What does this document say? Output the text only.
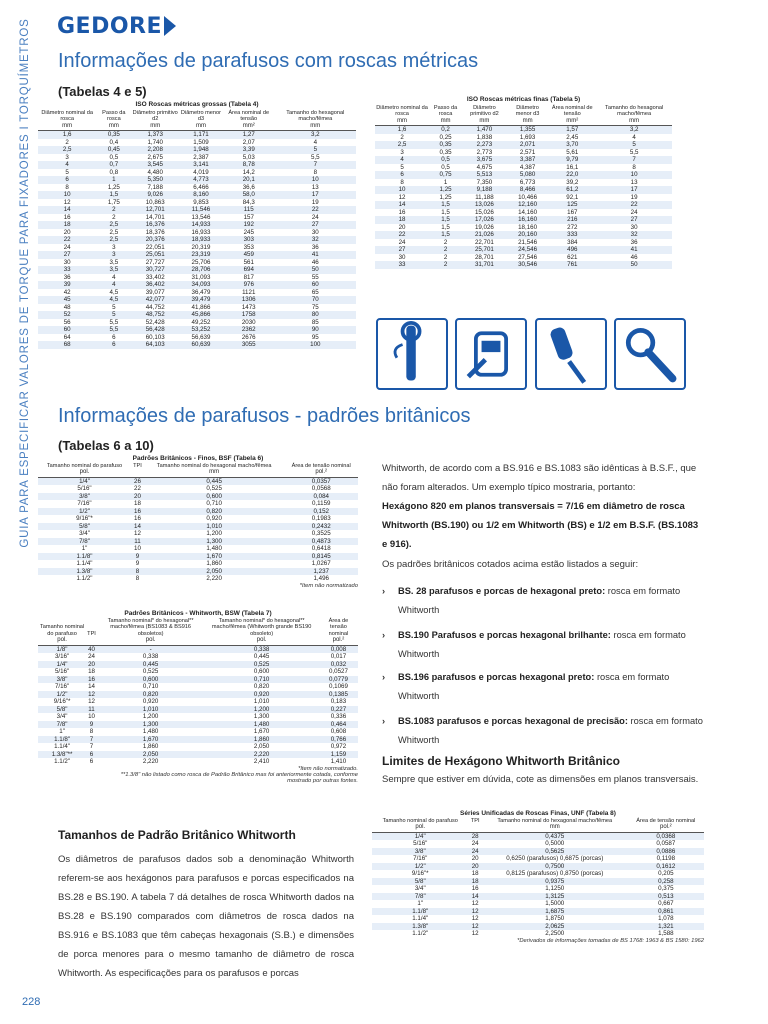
GEDORE
GUIA PARA ESPECIFICAR VALORES DE TORQUE PARA FIXADORES I TORQUÍMETROS Informações de parafusos com roscas métricas
(Tabelas 4 e 5)
ISO Roscas métricas grossas (Tabela 4)
Diâmetro nominal da rosca	Passo da rosca	Diâmetro primitivo d2	Diâmetro menor d3	Área nominal de tensão	Tamanho do hexagonal macho/fêmea
mm	mm	mm	mm	mm²	mm
1,6	0,35	1,373	1,171	1,27	3,2
2	0,4	1,740	1,509	2,07	4
2,5	0,45	2,208	1,948	3,39	5
3	0,5	2,675	2,387	5,03	5,5
4	0,7	3,545	3,141	8,78	7
5	0,8	4,480	4,019	14,2	8
6	1	5,350	4,773	20,1	10
8	1,25	7,188	6,466	36,6	13
10	1,5	9,026	8,160	58,0	17
12	1,75	10,863	9,853	84,3	19
14	2	12,701	11,546	115	22
16	2	14,701	13,546	157	24
18	2,5	16,376	14,933	192	27
20	2,5	18,376	16,933	245	30
22	2,5	20,376	18,933	303	32
24	3	22,051	20,319	353	36
27	3	25,051	23,319	459	41
30	3,5	27,727	25,706	561	46
33	3,5	30,727	28,706	694	50
36	4	33,402	31,093	817	55
39	4	36,402	34,093	976	60
42	4,5	39,077	36,479	1121	65
45	4,5	42,077	39,479	1306	70
48	5	44,752	41,866	1473	75
52	5	48,752	45,866	1758	80
56	5,5	52,428	49,252	2030	85
60	5,5	56,428	53,252	2362	90
64	6	60,103	56,639	2676	95
68	6	64,103	60,639	3055	100
ISO Roscas métricas finas (Tabela 5)
Diâmetro nominal da rosca	Passo da rosca	Diâmetro primitivo d2	Diâmetro menor d3	Área nominal de tensão	Tamanho do hexagonal macho/fêmea
mm	mm	mm	mm	mm²	mm
1,6	0,2	1,470	1,355	1,57	3,2
2	0,25	1,838	1,693	2,45	4
2,5	0,35	2,273	2,071	3,70	5
3	0,35	2,773	2,571	5,61	5,5
4	0,5	3,675	3,387	9,79	7
5	0,5	4,675	4,387	16,1	8
6	0,75	5,513	5,080	22,0	10
8	1	7,350	6,773	39,2	13
10	1,25	9,188	8,466	61,2	17
12	1,25	11,188	10,466	92,1	19
14	1,5	13,026	12,160	125	22
16	1,5	15,026	14,160	167	24
18	1,5	17,026	16,160	216	27
20	1,5	19,026	18,160	272	30
22	1,5	21,026	20,160	333	32
24	2	22,701	21,546	384	36
27	2	25,701	24,546	496	41
30	2	28,701	27,546	621	46
33	2	31,701	30,546	761	50
Informações de parafusos - padrões britânicos
(Tabelas 6 a 10)
Padrões Britânicos - Finos, BSF (Tabela 6)
Tamanho nominal do parafuso	TPI	Tamanho nominal do hexagonal macho/fêmea	Área de tensão nominal
pol.		mm	pol.²
1/4"	26	0,445	0,0357
5/16"	22	0,525	0,0568
3/8"	20	0,600	0,084
7/16"	18	0,710	0,1159
1/2"	16	0,820	0,152
9/16"*	16	0,920	0,1983
5/8"	14	1,010	0,2432
3/4"	12	1,200	0,3525
7/8"	11	1,300	0,4873
1"	10	1,480	0,6418
1.1/8"	9	1,670	0,8145
1.1/4"	9	1,860	1,0267
1.3/8"	8	2,050	1,237
1.1/2"	8	2,220	1,496
*Item não normatizado
Padrões Britânicos - Whitworth, BSW (Tabela 7)
Tamanho nominal do parafuso	TPI	Tamanho nominal* do hexagonal** macho/fêmea (BS1083 & BS916 obsoletos)	Tamanho nominal* do hexagonal** macho/fêmea (Whitworth grande BS190 obsoleto)	Área de tensão nominal
pol.		pol.	pol.	pol.²
1/8"	40	-	0,338	0,008
3/16"	24	0,338	0,445	0,017
1/4"	20	0,445	0,525	0,032
5/16"	18	0,525	0,600	0,0527
3/8"	16	0,600	0,710	0,0779
7/16"	14	0,710	0,820	0,1069
1/2"	12	0,820	0,920	0,1385
9/16"*	12	0,920	1,010	0,183
5/8"	11	1,010	1,200	0,227
3/4"	10	1,200	1,300	0,336
7/8"	9	1,300	1,480	0,464
1"	8	1,480	1,670	0,608
1.1/8"	7	1,670	1,860	0,766
1.1/4"	7	1,860	2,050	0,972
1.3/8"**	6	2,050	2,220	1,159
1.1/2"	6	2,220	2,410	1,410
*Item não normatizado.
**1.3/8" não listado como rosca de Padrão Britânico mas foi anteriormente cotada, conforme mostrado por outras fontes.
Tamanhos de Padrão Britânico Whitworth
Os diâmetros de parafusos dados sob a denominação Whitworth referem-se aos hexágonos para parafusos e porcas especificados na BS.28 e BS.190. A tabela 7 dá detalhes de rosca Whitworth dados na BS.28 e BS.190 comparados com diâmetros de rosca dados na BS.916 e BS.1083 que têm cabeças hexagonais (S.B.) e dimensões de porca menores para o mesmo tamanho de diâmetro de rosca Whitworth. As especificações para os parafusos e porcas
Whitworth, de acordo com a BS.916 e BS.1083 são idênticas à B.S.F., que não foram alterados. Um exemplo típico mostraria, portanto:
Hexágono 820 em planos transversais = 7/16 em diâmetro de rosca Whitworth (BS.190) ou 1/2 em Whitworth (BS) e 1/2 em B.S.F. (BS.1083 e 916).
Os padrões britânicos cotados acima estão listados a seguir:
› BS. 28 parafusos e porcas de hexagonal preto: rosca em formato Whitworth
› BS.190 Parafusos e porcas hexagonal brilhante: rosca em formato Whitworth
› BS.196 parafusos e porcas hexagonal preto: rosca em formato Whitworth
› BS.1083 parafusos e porcas hexagonal de precisão: rosca em formato Whitworth
Limites de Hexágono Whitworth Britânico
Sempre que estiver em dúvida, cote as dimensões em planos transversais.
Séries Unificadas de Roscas Finas, UNF (Tabela 8)
Tamanho nominal do parafuso	TPI	Tamanho nominal do hexagonal macho/fêmea	Área de tensão nominal
pol.		mm	pol.²
1/4"	28	0,4375	0,0368
5/16"	24	0,5000	0,0587
3/8"	24	0,5625	0,0886
7/16"	20	0,6250 (parafusos) 0,6875 (porcas)	0,1198
1/2"	20	0,7500	0,1612
9/16"*	18	0,8125 (parafusos) 0,8750 (porcas)	0,205
5/8"	18	0,9375	0,258
3/4"	16	1,1250	0,375
7/8"	14	1,3125	0,513
1"	12	1,5000	0,667
1.1/8"	12	1,6875	0,861
1.1/4"	12	1,8750	1,078
1.3/8"	12	2,0625	1,321
1.1/2"	12	2,2500	1,588
*Derivados de informações tomadas de BS 1768: 1963 & BS 1580: 1962
228
